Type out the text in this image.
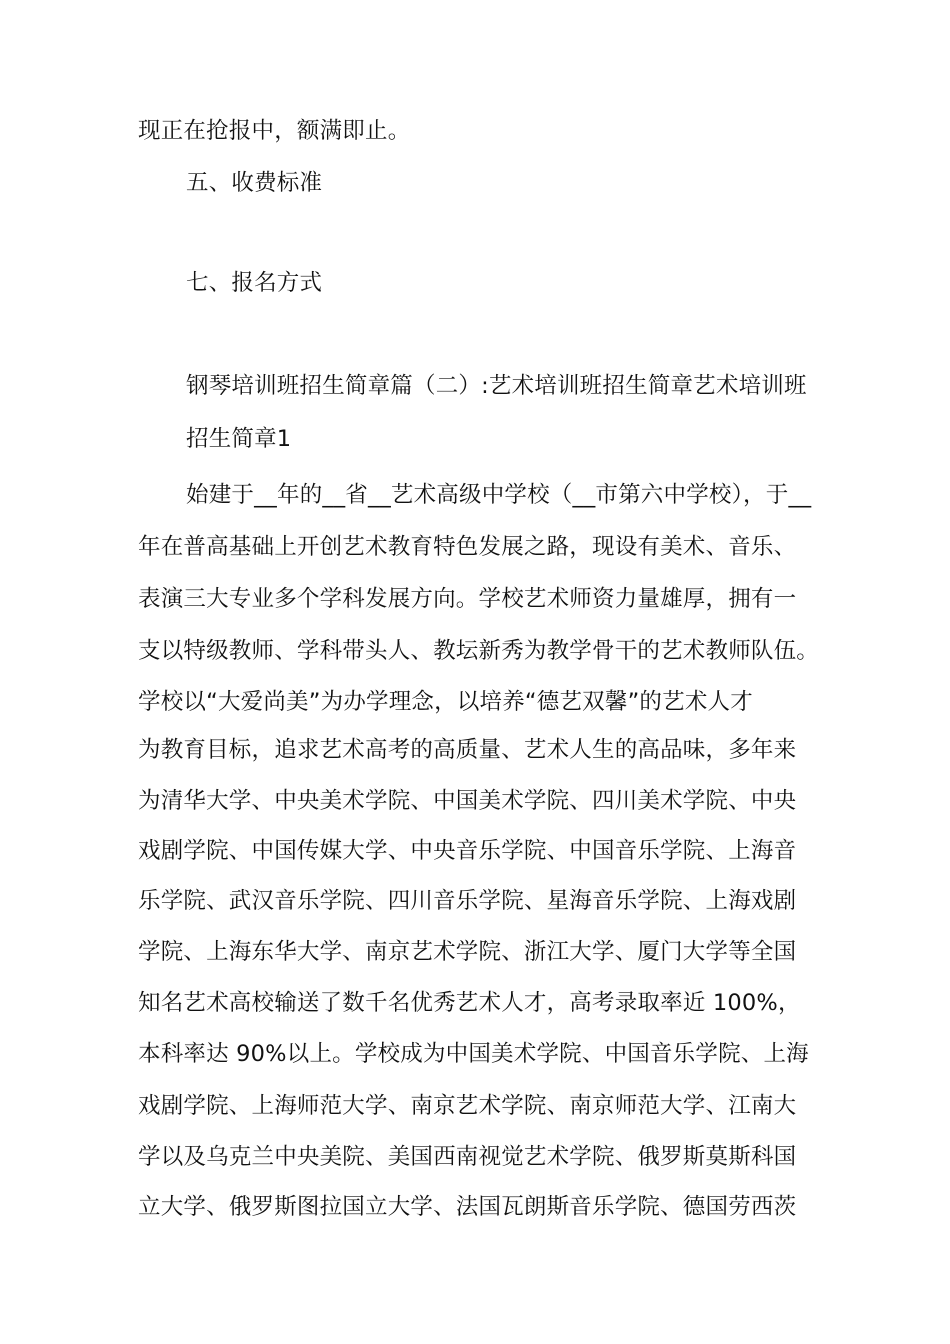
现正在抢报中，额满即止。
五、收费标准
七、报名方式
钢琴培训班招生简章篇（二）:艺术培训班招生简章艺术培训班
招生简章1
始建于__年的__省__艺术高级中学校（__市第六中学校），于__
年在普高基础上开创艺术教育特色发展之路，现设有美术、音乐、
表演三大专业多个学科发展方向。学校艺术师资力量雄厚，拥有一
支以特级教师、学科带头人、教坛新秀为教学骨干的艺术教师队伍。
学校以“大爱尚美”为办学理念，以培养“德艺双馨”的艺术人才
为教育目标，追求艺术高考的高质量、艺术人生的高品味，多年来
为清华大学、中央美术学院、中国美术学院、四川美术学院、中央
戏剧学院、中国传媒大学、中央音乐学院、中国音乐学院、上海音
乐学院、武汉音乐学院、四川音乐学院、星海音乐学院、上海戏剧
学院、上海东华大学、南京艺术学院、浙江大学、厦门大学等全国
知名艺术高校输送了数千名优秀艺术人才，高考录取率近 100%，
本科率达 90%以上。学校成为中国美术学院、中国音乐学院、上海
戏剧学院、上海师范大学、南京艺术学院、南京师范大学、江南大
学以及乌克兰中央美院、美国西南视觉艺术学院、俄罗斯莫斯科国
立大学、俄罗斯图拉国立大学、法国瓦朗斯音乐学院、德国劳西茨
